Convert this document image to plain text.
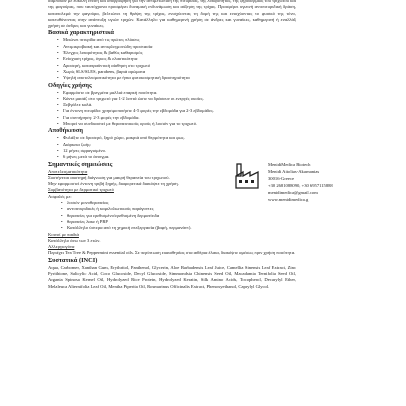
σαμπουάν με εύκολη ένεση και απορρόφηση για την αντιμετώπιση της πιτυρίδας, της λιπαρότητας, της ξηροδερμίας του τριχωτού και της φαγούρας, που ταυτόχρονα προσφέρει δυναμική ενδυνάμωση και αύξηση της τρίχας. Προσφέρει υγιεινή αντιπιτυριδική δράση, καταπολεμά την φαγούρα, βελτιώνει τη θρέψη της τρίχας, ενισχύοντας τη δομή της και ενισχύοντας το φυσικό της τόνο, κατευθύνοντας στην ανάπτυξη υγιών τριχών. Κατάλληλο για καθημερινή χρήση σε άνδρες και γυναίκες, καθημερινή ή εναλλάξ χρήση σε άνδρες και γυναίκες.

Βασικά χαρακτηριστικά

• Μειώνει πιτυρίδα από τις πρώτες πλύσεις
• Αντιμικροβιακή και αντιφλεγμονώδη προστασία
• Έλεγχος λιπαρότητας & βαθύς καθαρισμός
• Ενίσχυση τρίχας, όγκος & ελαστικότητα
• Δροσερή, καταπραϋντική αίσθηση στο τριχωτό
• Χωρίς SLS/SLES, parabens, βαριά αρώματα
• Υψηλή αποτελεσματικότητα με ήπια φυτοκοσμητική δραστηριότητα

Οδηγίες χρήσης

• Εφαρμόστε σε βρεγμένα μαλλιά επαρκή ποσότητα.
• Κάντε μασάζ στο τριχωτό για 1-2 λεπτά ώστε να δράσουν οι ενεργές ουσίες.
• Ξεβγάλτε καλά.
• Για έντονη πιτυρίδα: χρησιμοποιήστε 4-5 φορές την εβδομάδα για 2-3 εβδομάδες.
• Για συντήρηση: 2-3 φορές την εβδομάδα.
• Μπορεί να συνδυαστεί με θεραπευτικούς ορούς ή λοσιόν για το τριχωτό.

Αποθήκευση

• Φυλάξτε σε δροσερό, ξηρό χώρο, μακριά από θερμότητα και φως.
• Διάρκεια ζωής:
• 12 μήνες σφραγισμένο.
• 6 μήνες μετά το άνοιγμα.

Σημαντικές σημειώσεις

Αποτελεσματικότητα

Συστήνεται αυστηρή διάγνωση για μακρή θεραπεία του τριχωτού.

Μην εφαρμοστεί έντονη τριβή ξηρής, διαφορετικά διακόψτε τη χρήση.

Συμβατότητα με δερματικό τριχωτό

Ασφαλές με:

• λοσιόν μονοθεραπείας
• αντιπιτυριδικές ή καμιλολιωτικούς παράγοντες
• θεραπείες για ερεθισμένο/ερεθισμένη δερματίτιδα
• θεραπείες λακε ή PRP
• Κατάλληλο ύστερα από τη χημική επεξεργασία (βαφή, περμανάντ).

Κοινοί με παιδιά

Κατάλληλο άνω των 3 ετών.

Αλλεργιογόνα

Περιέχει Tea Tree & Peppermint essential oils. Σε περίπτωση ευαισθησίας στα αιθέρια έλαια, διακόψτε αμέσως πριν χρήση ποσότητα.

Συστατικά (INCI)

Aqua, Carbomer, Xanthan Gum, Erythritol, Panthenol, Glycerin, Aloe Barbadensis Leaf Juice, Camellia Sinensis Leaf Extract, Zinc Pyrithione, Salicylic Acid, Coco Glucoside, Decyl Glucoside, Simmondsia Chinensis Seed Oil, Macadamia Ternifolia Seed Oil, Argania Spinosa Kernel Oil, Hydrolyzed Rice Protein, Hydrolyzed Keratin, Silk Amino Acids, Tocopherol, Decarylyl Ether, Melaleuca Alternifolia Leaf Oil, Mentha Piperita Oil, Rosmarinus Officinalis Extract, Phenoxyethanol, Caprylyl Glycol.

MenidiMedica Biotech
Menidi Aitolias-Akarnanias
30016-Greece
+30 2681088090, +30 6957115888
menidimedica@gmail.com
www.menidimedica.g
